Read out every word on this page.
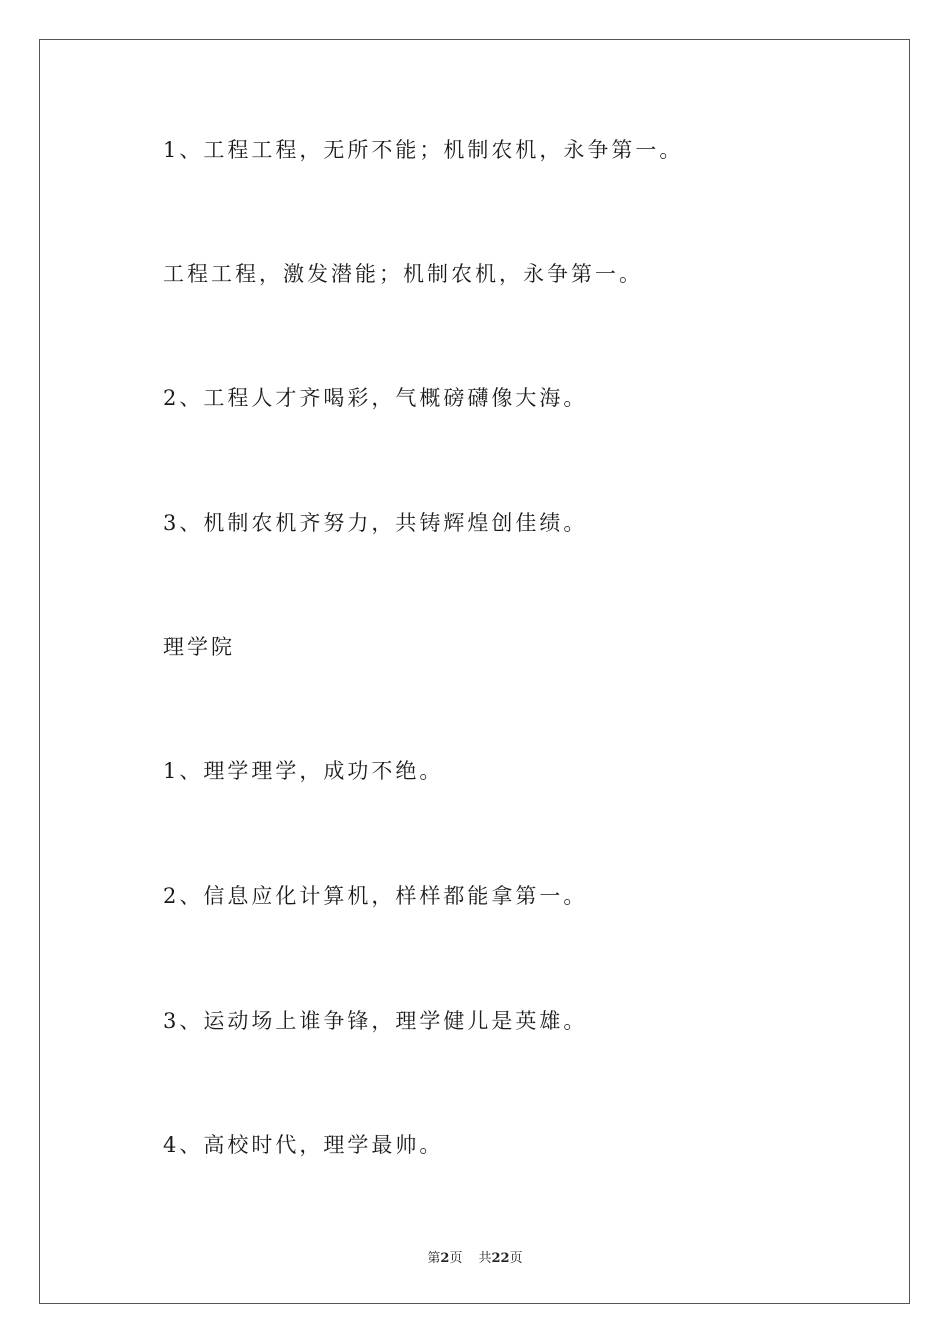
1、工程工程，无所不能；机制农机，永争第一。

工程工程，激发潜能；机制农机，永争第一。

2、工程人才齐喝彩，气概磅礴像大海。

3、机制农机齐努力，共铸辉煌创佳绩。

理学院

1、理学理学，成功不绝。

2、信息应化计算机，样样都能拿第一。

3、运动场上谁争锋，理学健儿是英雄。

4、高校时代，理学最帅。

第2页 共22页
